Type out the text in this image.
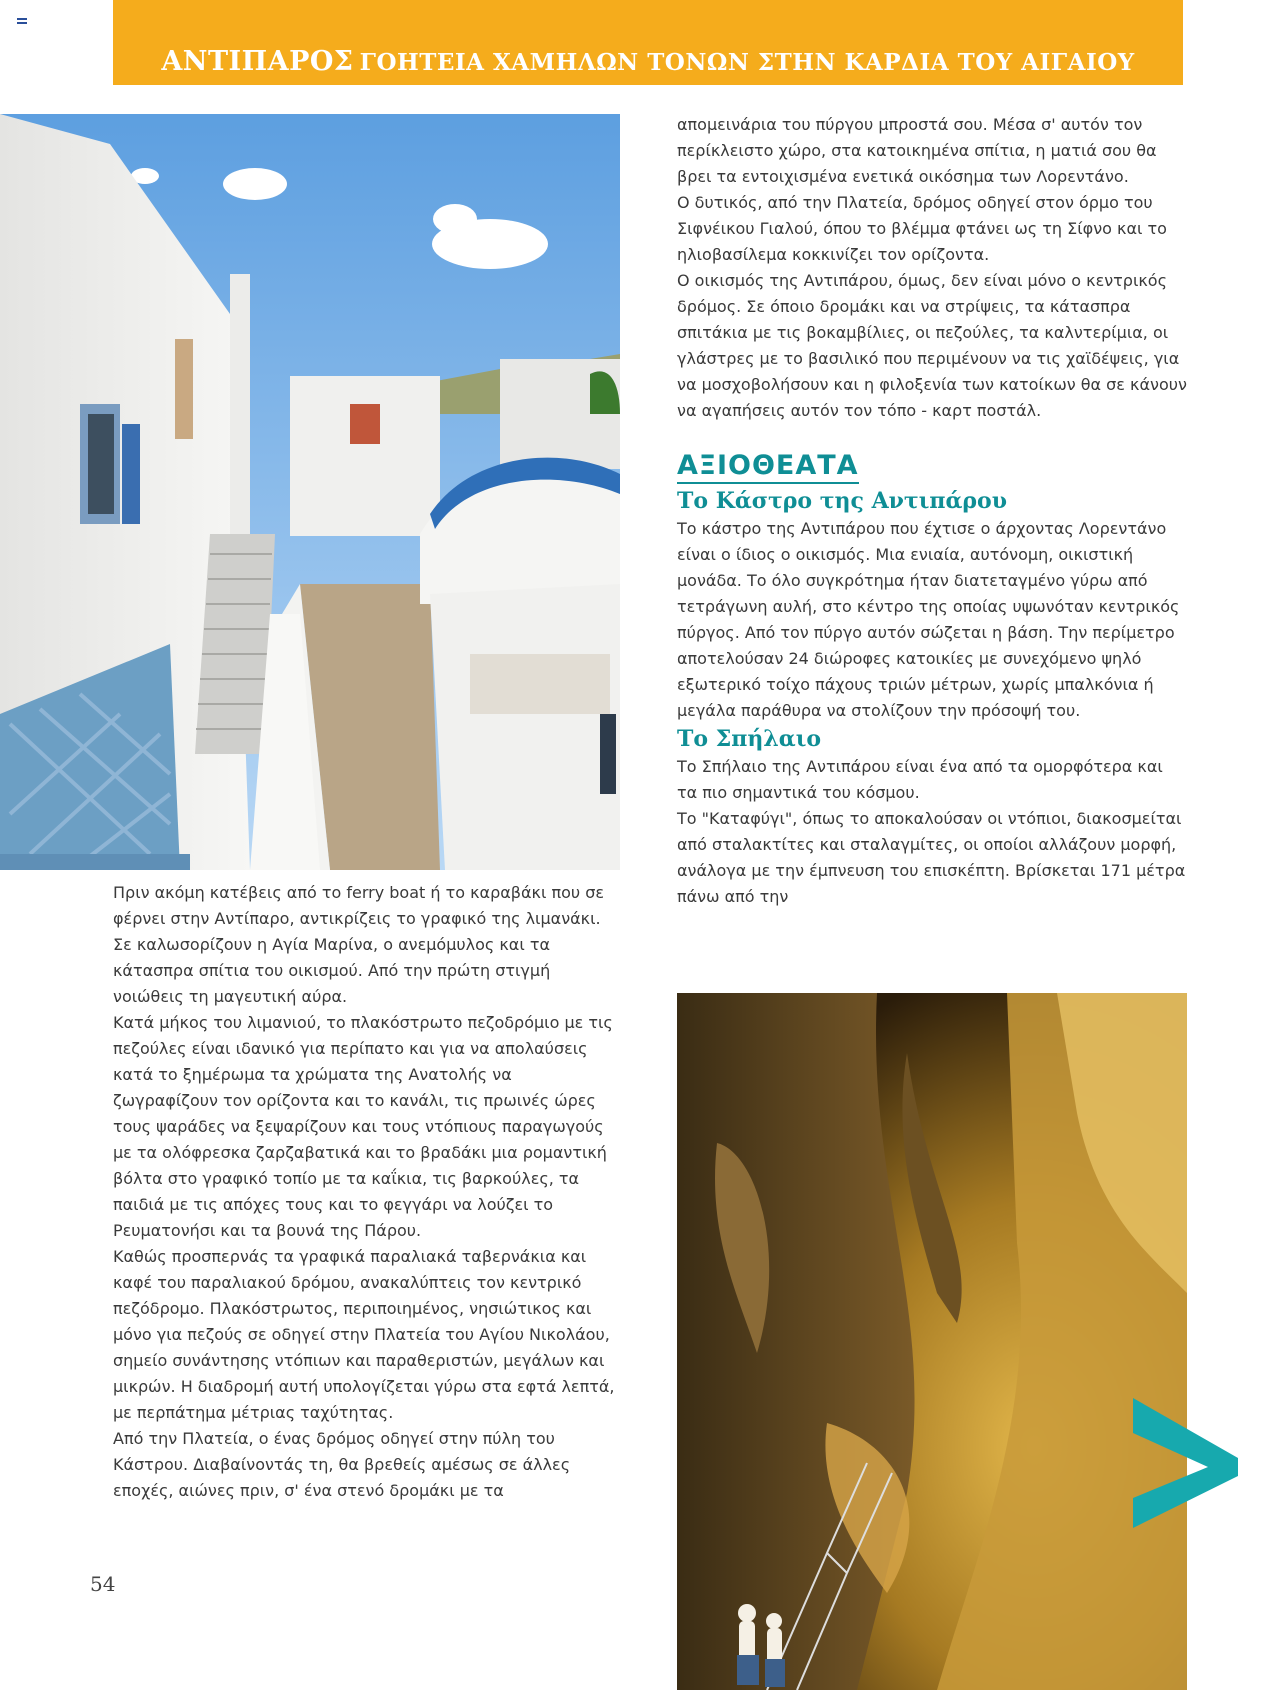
ΑΝΤΙΠΑΡΟΣ ΓΟΗΤΕΙΑ ΧΑΜΗΛΩΝ ΤΟΝΩΝ ΣΤΗΝ ΚΑΡΔΙΑ ΤΟΥ ΑΙΓΑΙΟΥ

Πριν ακόμη κατέβεις από το ferry boat ή το καραβάκι που σε φέρνει στην Αντίπαρο, αντικρίζεις το γραφικό της λιμανάκι. Σε καλωσορίζουν η Αγία Μαρίνα, ο ανεμόμυλος και τα κάτασπρα σπίτια του οικισμού. Από την πρώτη στιγμή νοιώθεις τη μαγευτική αύρα.

Κατά μήκος του λιμανιού, το πλακόστρωτο πεζοδρόμιο με τις πεζούλες είναι ιδανικό για περίπατο και για να απολαύσεις κατά το ξημέρωμα τα χρώματα της Ανατολής να ζωγραφίζουν τον ορίζοντα και το κανάλι, τις πρωινές ώρες τους ψαράδες να ξεψαρίζουν και τους ντόπιους παραγωγούς με τα ολόφρεσκα ζαρζαβατικά και το βραδάκι μια ρομαντική βόλτα στο γραφικό τοπίο με τα καΐκια, τις βαρκούλες, τα παιδιά με τις απόχες τους και το φεγγάρι να λούζει το Ρευματονήσι και τα βουνά της Πάρου.

Καθώς προσπερνάς τα γραφικά παραλιακά ταβερνάκια και καφέ του παραλιακού δρόμου, ανακαλύπτεις τον κεντρικό πεζόδρομο. Πλακόστρωτος, περιποιημένος, νησιώτικος και μόνο για πεζούς σε οδηγεί στην Πλατεία του Αγίου Νικολάου, σημείο συνάντησης ντόπιων και παραθεριστών, μεγάλων και μικρών. Η διαδρομή αυτή υπολογίζεται γύρω στα εφτά λεπτά, με περπάτημα μέτριας ταχύτητας.

Από την Πλατεία, ο ένας δρόμος οδηγεί στην πύλη του Κάστρου. Διαβαίνοντάς τη, θα βρεθείς αμέσως σε άλλες εποχές, αιώνες πριν, σ' ένα στενό δρομάκι με τα

απομεινάρια του πύργου μπροστά σου. Μέσα σ' αυτόν τον περίκλειστο χώρο, στα κατοικημένα σπίτια, η ματιά σου θα βρει τα εντοιχισμένα ενετικά οικόσημα των Λορεντάνο.

Ο δυτικός, από την Πλατεία, δρόμος οδηγεί στον όρμο του Σιφνέικου Γιαλού, όπου το βλέμμα φτάνει ως τη Σίφνο και το ηλιοβασίλεμα κοκκινίζει τον ορίζοντα.

Ο οικισμός της Αντιπάρου, όμως, δεν είναι μόνο ο κεντρικός δρόμος. Σε όποιο δρομάκι και να στρίψεις, τα κάτασπρα σπιτάκια με τις βοκαμβίλιες, οι πεζούλες, τα καλντερίμια, οι γλάστρες με το βασιλικό που περιμένουν να τις χαϊδέψεις, για να μοσχοβολήσουν και η φιλοξενία των κατοίκων θα σε κάνουν να αγαπήσεις αυτόν τον τόπο - καρτ ποστάλ.

ΑΞΙΟΘΕΑΤΑ
Το Κάστρο της Αντιπάρου

Το κάστρο της Αντιπάρου που έχτισε ο άρχοντας Λορεντάνο είναι ο ίδιος ο οικισμός. Μια ενιαία, αυτόνομη, οικιστική μονάδα. Το όλο συγκρότημα ήταν διατεταγμένο γύρω από τετράγωνη αυλή, στο κέντρο της οποίας υψωνόταν κεντρικός πύργος. Από τον πύργο αυτόν σώζεται η βάση. Την περίμετρο αποτελούσαν 24 διώροφες κατοικίες με συνεχόμενο ψηλό εξωτερικό τοίχο πάχους τριών μέτρων, χωρίς μπαλκόνια ή μεγάλα παράθυρα να στολίζουν την πρόσοψή του.

Το Σπήλαιο

Το Σπήλαιο της Αντιπάρου είναι ένα από τα ομορφότερα και τα πιο σημαντικά του κόσμου.

Το "Καταφύγι", όπως το αποκαλούσαν οι ντόπιοι, διακοσμείται από σταλακτίτες και σταλαγμίτες, οι οποίοι αλλάζουν μορφή, ανάλογα με την έμπνευση του επισκέπτη. Βρίσκεται 171 μέτρα πάνω από την

54
